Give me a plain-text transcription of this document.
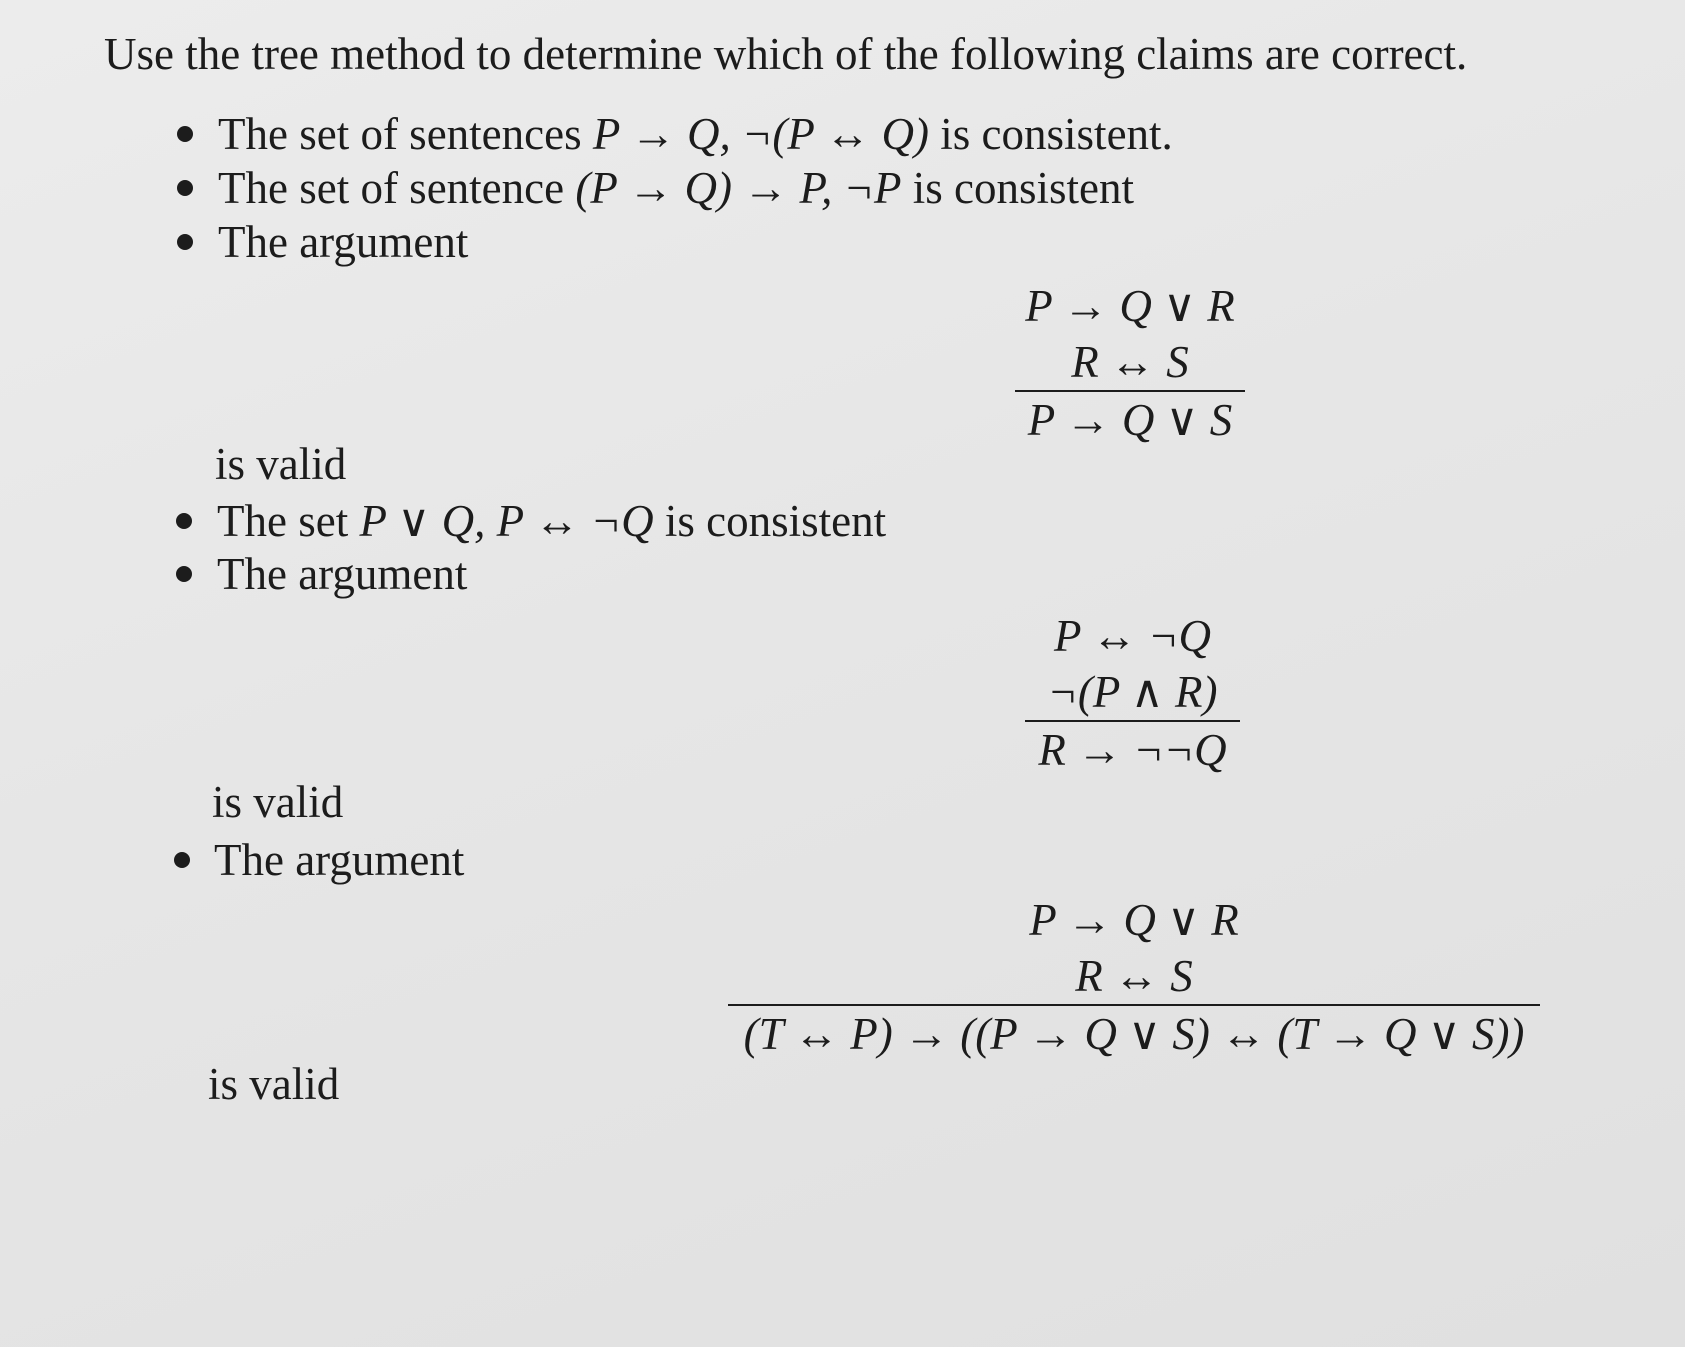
Use the tree method to determine which of the following claims are correct.
The set of sentences P → Q, ¬(P ↔ Q) is consistent.
The set of sentence (P → Q) → P, ¬P is consistent
The argument
P → Q ∨ R
R ↔ S
P → Q ∨ S
is valid
The set P ∨ Q, P ↔ ¬Q is consistent
The argument
P ↔ ¬Q
¬(P ∧ R)
R → ¬¬Q
is valid
The argument
P → Q ∨ R
R ↔ S
(T ↔ P) → ((P → Q ∨ S) ↔ (T → Q ∨ S))
is valid
